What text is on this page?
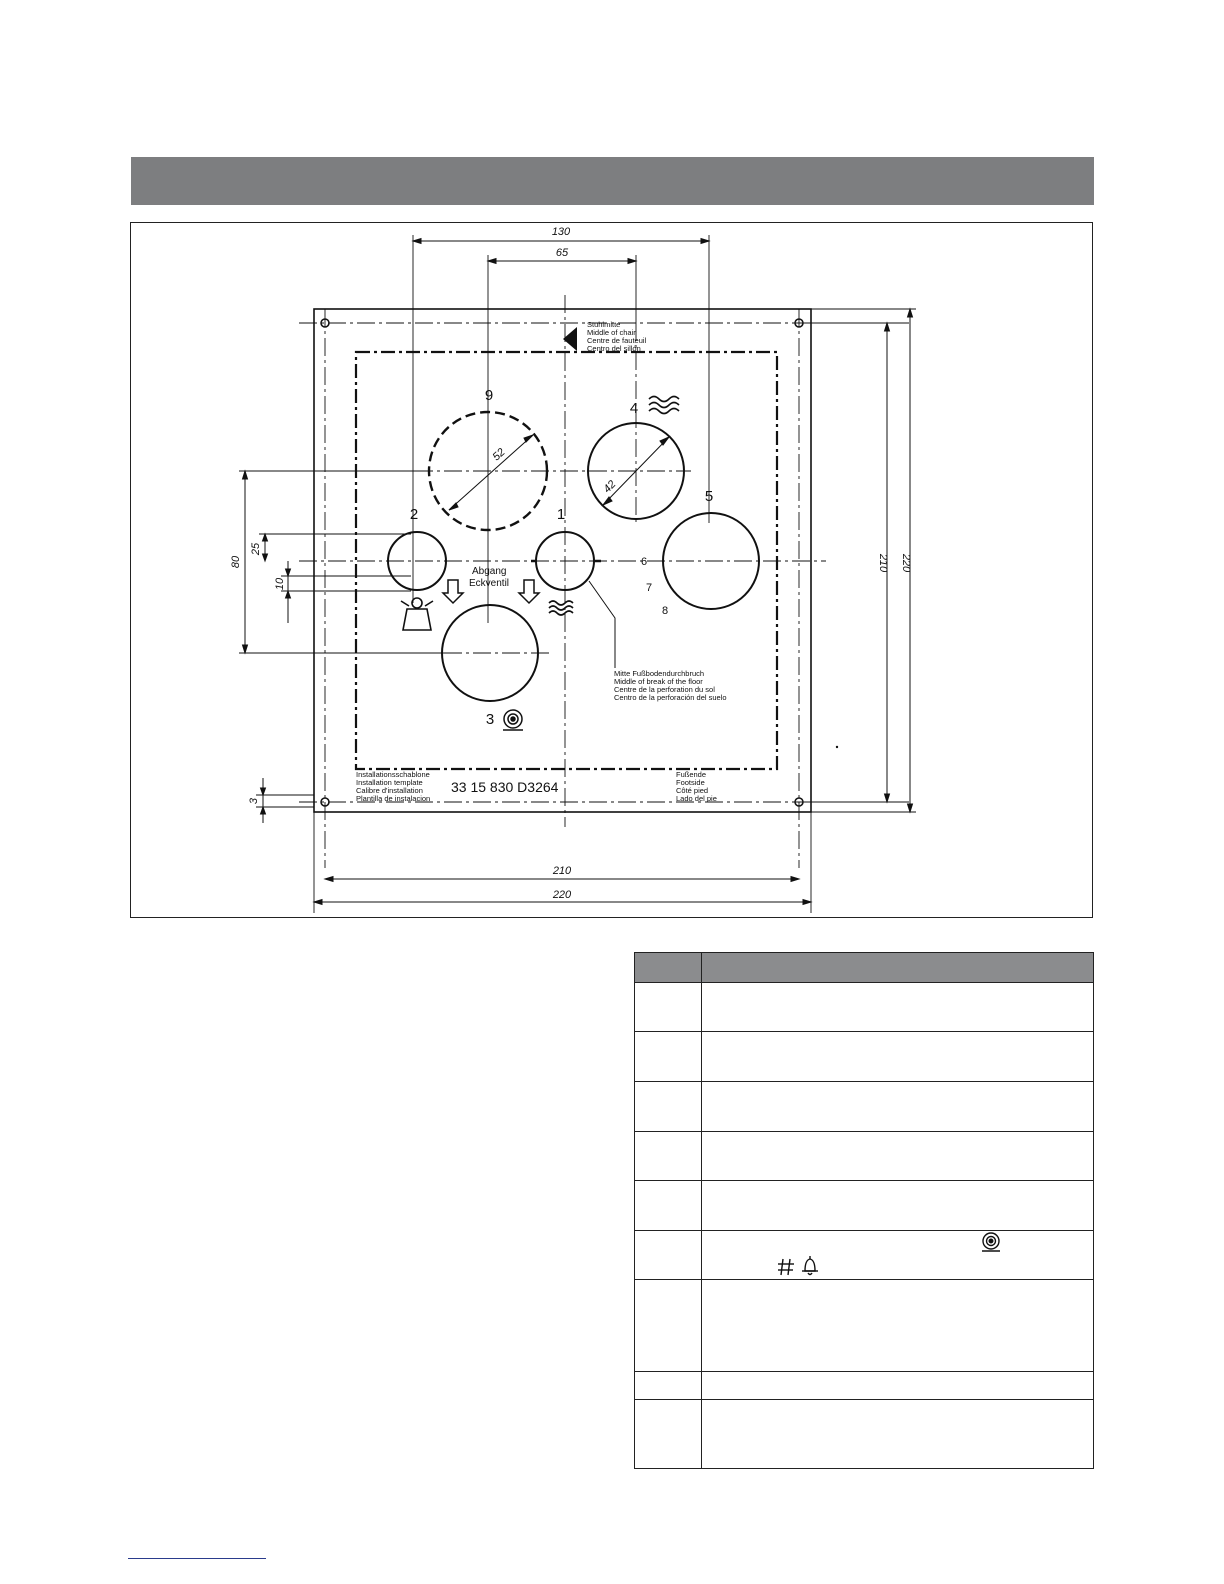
130
65
210 220
210
220
80
25
10
3
52
42
9
4
2	1
5
6
7
8
3
Stuhlmitte
Middle of chair
Centre de fauteuil
Centro del sillón
Abgang
Eckventil
Mitte Fußbodendurchbruch
Middle of break of the floor
Centre de la perforation du sol
Centro de la perforación del suelo
Installationsschablone
Installation template
Calibre d'installation
Plantilla de instalacion
33 15 830 D3264
Fußende
Footside
Côté pied
Lado del pie
